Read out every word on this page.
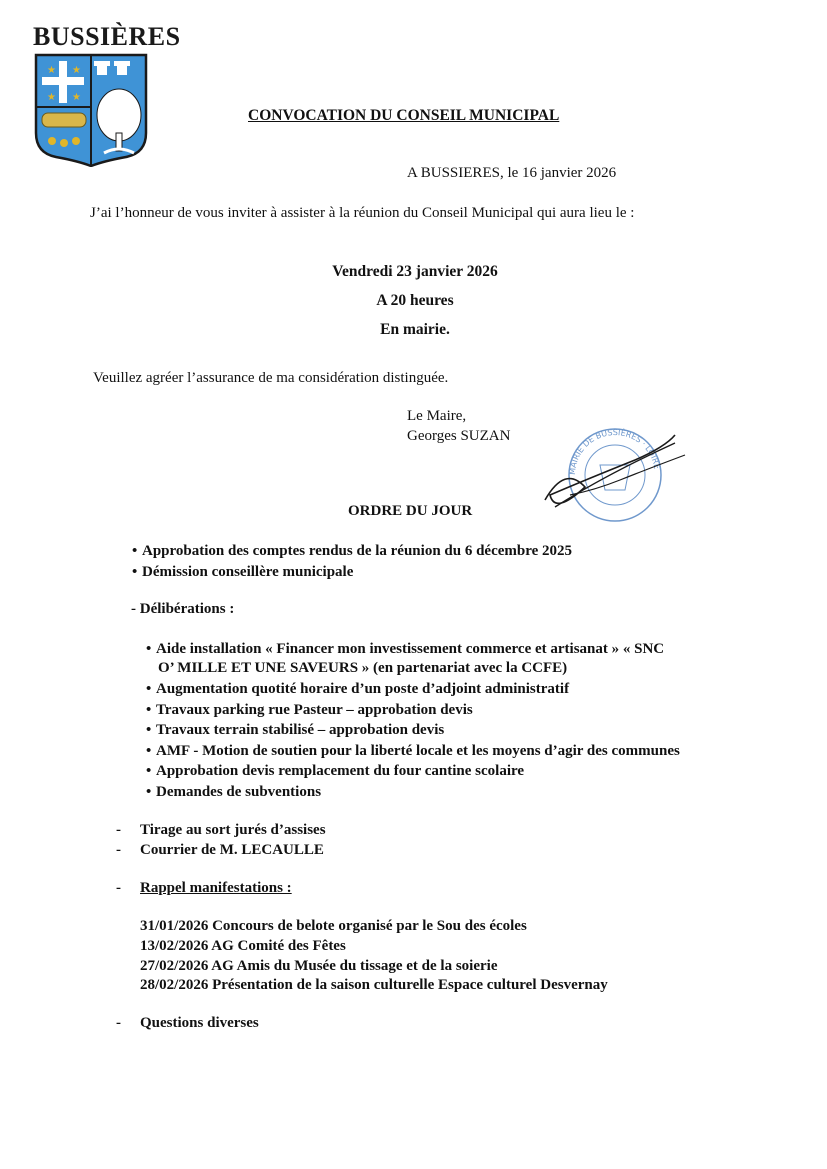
BUSSIÈRES
★ ★
★ ★
CONVOCATION DU CONSEIL MUNICIPAL
A BUSSIERES, le 16 janvier 2026
J’ai l’honneur de vous inviter à assister à la réunion du Conseil Municipal qui aura lieu le :
Vendredi 23 janvier 2026
A 20 heures
En mairie.
Veuillez agréer l’assurance de ma considération distinguée.
Le Maire,
Georges SUZAN
MAIRIE DE BUSSIÈRES · LOIRE
ORDRE DU JOUR
• Approbation des comptes rendus de la réunion du 6 décembre 2025
• Démission conseillère municipale
- Délibérations :
• Aide installation « Financer mon investissement commerce et artisanat » « SNC
O’ MILLE ET UNE SAVEURS » (en partenariat avec la CCFE)
• Augmentation quotité horaire d’un poste d’adjoint administratif
• Travaux parking rue Pasteur – approbation devis
• Travaux terrain stabilisé – approbation devis
• AMF - Motion de soutien pour la liberté locale et les moyens d’agir des communes
• Approbation devis remplacement du four cantine scolaire
• Demandes de subventions
- Tirage au sort jurés d’assises
- Courrier de M. LECAULLE
- Rappel manifestations :
31/01/2026 Concours de belote organisé par le Sou des écoles
13/02/2026 AG Comité des Fêtes
27/02/2026 AG Amis du Musée du tissage et de la soierie
28/02/2026 Présentation de la saison culturelle Espace culturel Desvernay
- Questions diverses
